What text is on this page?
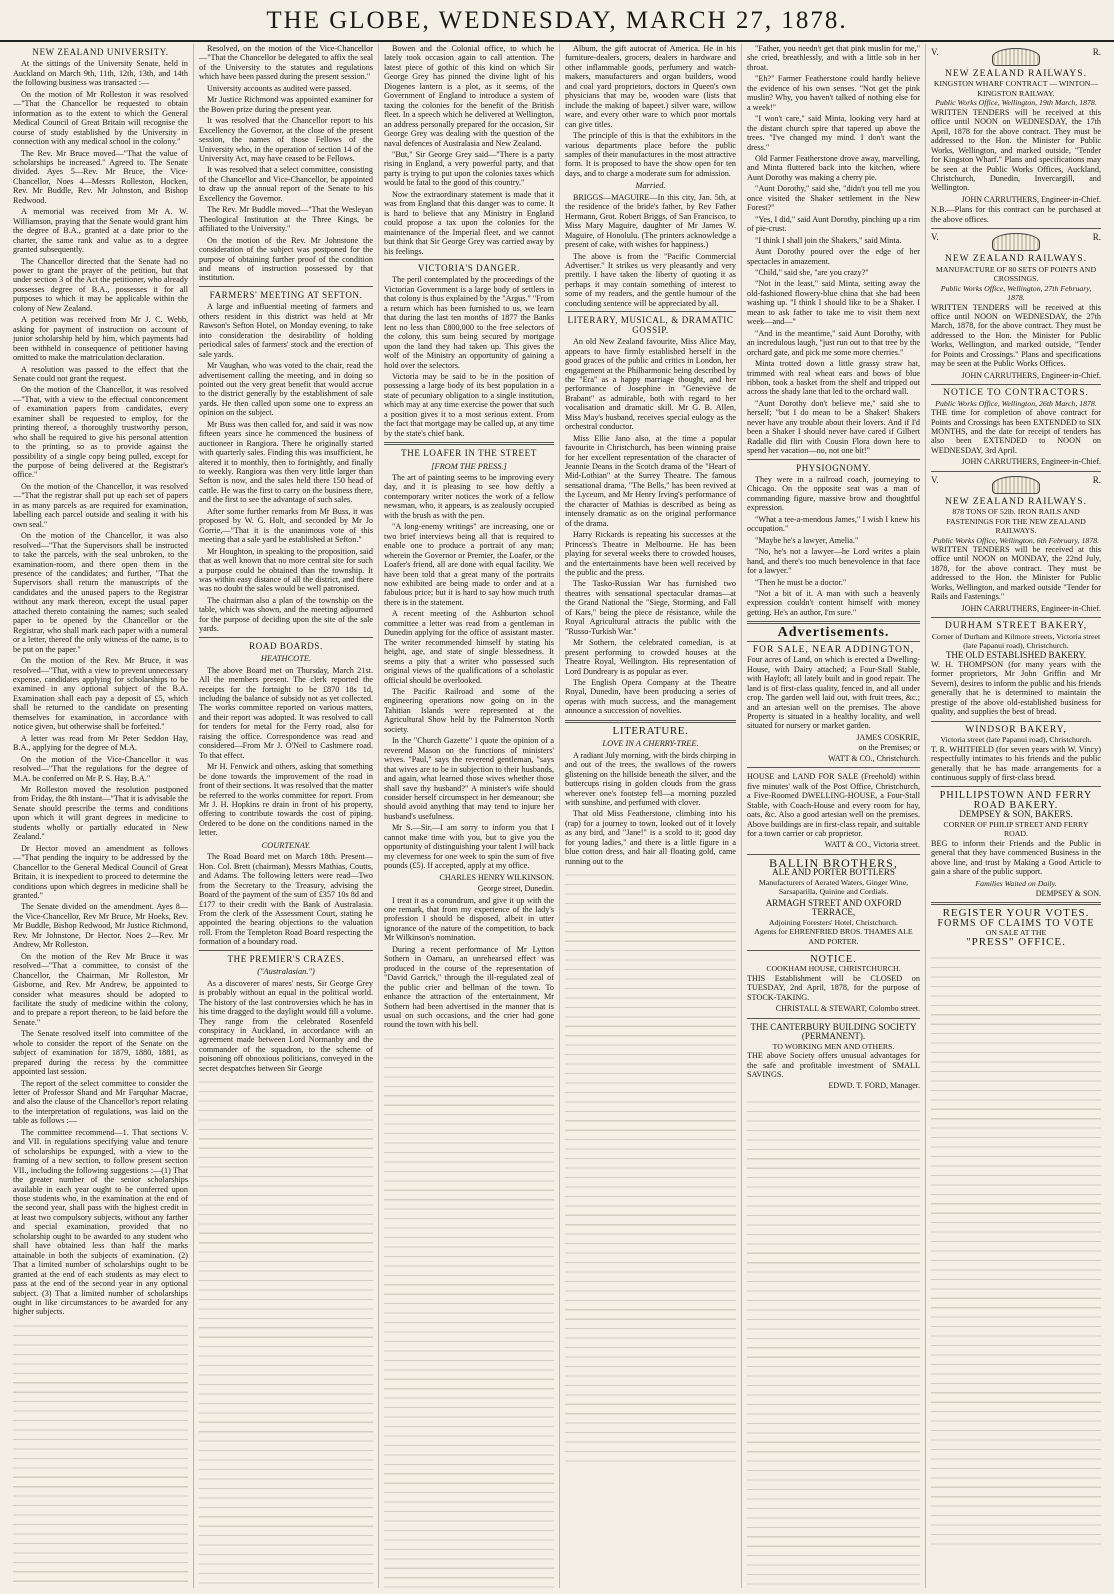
THE GLOBE, WEDNESDAY, MARCH 27, 1878.
NEW ZEALAND UNIVERSITY.

At the sittings of the University Senate, held in Auckland on March 9th, 11th, 12th, 13th, and 14th the following business was transacted :—

On the motion of Mr Rolleston it was resolved—"That the Chancellor be requested to obtain information as to the extent to which the General Medical Council of Great Britain will recognise the course of study established by the University in connection with any medical school in the colony."

The Rev. Mr Bruce moved—"That the value of scholarships be increased." Agreed to. The Senate divided. Ayes 5—Rev. Mr Bruce, the Vice-Chancellor, Noes 4—Messrs Rolleston, Hocken, Rev. Mr Buddle, Rev. Mr Johnston, and Bishop Redwood.

A memorial was received from Mr A. W. Williamson, praying that the Senate would grant him the degree of B.A., granted at a date prior to the charter, the same rank and value as to a degree granted subsequently.

The Chancellor directed that the Senate had no power to grant the prayer of the petition, but that under section 3 of the Act the petitioner, who already possesses degree of B.A., possesses it for all purposes to which it may be applicable within the colony of New Zealand.

A petition was received from Mr J. C. Webb, asking for payment of instruction on account of junior scholarship held by him, which payments had been withheld in consequence of petitioner having omitted to make the matriculation declaration.

A resolution was passed to the effect that the Senate could not grant the request.

On the motion of the Chancellor, it was resolved—"That, with a view to the effectual conconcement of examination papers from candidates, every examiner shall be requested to employ, for the printing thereof, a thoroughly trustworthy person, who shall be required to give his personal attention to the printing, so as to provide against the possibility of a single copy being pulled, except for the purpose of being delivered at the Registrar's office."

On the motion of the Chancellor, it was resolved—"That the registrar shall put up each set of papers in as many parcels as are required for examination, labelling each parcel outside and sealing it with his own seal."

On the motion of the Chancellor, it was also resolved—"That the Supervisors shall be instructed to take the parcels, with the seal unbroken, to the examination-room, and there open them in the presence of the candidates; and further, "That the Supervisors shall return the manuscripts of the candidates and the unused papers to the Registrar without any mark thereon, except the usual paper attached thereto containing the names; such sealed paper to be opened by the Chancellor or the Registrar, who shall mark each paper with a numeral or a letter, thereof the only witness of the name, is to be put on the paper."

On the motion of the Rev. Mr Bruce, it was resolved—"That, with a view to prevent unnecessary expense, candidates applying for scholarships to be examined in any optional subject of the B.A. Examination shall each pay a deposit of £5, which shall be returned to the candidate on presenting themselves for examination, in accordance with notice given, but otherwise shall be forfeited."

A letter was read from Mr Peter Seddon Hay, B.A., applying for the degree of M.A.

On the motion of the Vice-Chancellor it was resolved—"That the regulations for the degree of M.A. be conferred on Mr P. S. Hay, B.A."

Mr Rolleston moved the resolution postponed from Friday, the 8th instant—"That it is advisable the Senate should prescribe the terms and conditions upon which it will grant degrees in medicine to students wholly or partially educated in New Zealand."

Dr Hector moved an amendment as follows—"That pending the inquiry to be addressed by the Chancellor to the General Medical Council of Great Britain, it is inexpedient to proceed to determine the conditions upon which degrees in medicine shall be granted."

The Senate divided on the amendment. Ayes 8—the Vice-Chancellor, Rev Mr Bruce, Mr Hoeks, Rev. Mr Buddle, Bishop Redwood, Mr Justice Richmond, Rev. Mr Johnstone, Dr Hector. Noes 2—Rev. Mr Andrew, Mr Rolleston.

On the motion of the Rev Mr Bruce it was resolved—"That a committee, to consist of the Chancellor, the Chairman, Mr Rolleston, Mr Gisborne, and Rev. Mr Andrew, be appointed to consider what measures should be adopted to facilitate the study of medicine within the colony, and to prepare a report thereon, to be laid before the Senate."

The Senate resolved itself into committee of the whole to consider the report of the Senate on the subject of examination for 1879, 1880, 1881, as prepared during the recess by the committee appointed last session.

The report of the select committee to consider the letter of Professor Shand and Mr Farquhar Macrae, and also the clause of the Chancellor's report relating to the interpretation of regulations, was laid on the table as follows :—

The committee recommend—1. That sections V. and VII. in regulations specifying value and tenure of scholarships be expunged, with a view to the framing of a new section, to follow present section VII., including the following suggestions :—(1) That the greater number of the senior scholarships available in each year ought to be conferred upon those students who, in the examination at the end of the second year, shall pass with the highest credit in at least two compulsory subjects, without any farther and special examination, provided that no scholarship ought to be awarded to any student who shall have obtained less than half the marks attainable in both the subjects of examination. (2) That a limited number of scholarships ought to be granted at the end of each students as may elect to pass at the end of the second year in any optional subject. (3) That a limited number of scholarships ought in like circumstances to be awarded for any higher subjects.

Resolved, on the motion of the Vice-Chancellor—"That the Chancellor be delegated to affix the seal of the University to the statutes and regulations which have been passed during the present session."

University accounts as audited were passed.

Mr Justice Richmond was appointed examiner for the Bowen prize during the present year.

It was resolved that the Chancellor report to his Excellency the Governor, at the close of the present session, the names of those Fellows of the University who, in the operation of section 14 of the University Act, may have ceased to be Fellows.

It was resolved that a select committee, consisting of the Chancellor and Vice-Chancellor, be appointed to draw up the annual report of the Senate to his Excellency the Governor.

The Rev. Mr Buddle moved—"That the Wesleyan Theological Institution at the Three Kings, be affiliated to the University."

On the motion of the Rev. Mr Johnstone the consideration of the subject was postponed for the purpose of obtaining further proof of the condition and means of instruction possessed by that institution.

FARMERS' MEETING AT SEFTON.

A large and influential meeting of farmers and others resident in this district was held at Mr Rawson's Sefton Hotel, on Monday evening, to take into consideration the desirability of holding periodical sales of farmers' stock and the erection of sale yards.

Mr Vaughan, who was voted to the chair, read the advertisement calling the meeting, and in doing so pointed out the very great benefit that would accrue to the district generally by the establishment of sale yards. He then called upon some one to express an opinion on the subject.

Mr Buss was then called for, and said it was now fifteen years since he commenced the business of auctioneer in Rangiora. There he originally started with quarterly sales. Finding this was insufficient, he altered it to monthly, then to fortnightly, and finally to weekly. Rangiora was then very little larger than Sefton is now, and the sales held there 150 head of cattle. He was the first to carry on the business there, and the first to see the advantage of such sales.

After some further remarks from Mr Buss, it was proposed by W. G. Holt, and seconded by Mr Jo Gorrie,—"That it is the unanimous vote of this meeting that a sale yard be established at Sefton."

Mr Houghton, in speaking to the proposition, said that as well known that no more central site for such a purpose could be obtained than the township. It was within easy distance of all the district, and there was no doubt the sales would be well patronised.

The chairman also a plan of the township on the table, which was shown, and the meeting adjourned for the purpose of deciding upon the site of the sale yards.

ROAD BOARDS.
HEATHCOTE.

The above Board met on Thursday, March 21st. All the members present. The clerk reported the receipts for the fortnight to be £870 18s 1d, including the balance of subsidy not as yet collected. The works committee reported on various matters, and their report was adopted. It was resolved to call for tenders for metal for the Ferry road, also for raising the office. Correspondence was read and considered—From Mr J. O'Neil to Cashmere road. To that effect.

Mr H. Fenwick and others, asking that something be done towards the improvement of the road in front of their sections. It was resolved that the matter be referred to the works committee for report. From Mr J. H. Hopkins re drain in front of his property, offering to contribute towards the cost of piping. Ordered to be done on the conditions named in the letter.

COURTENAY.

The Road Board met on March 18th. Present—Hon. Col. Brett (chairman), Messrs Mathias, Coutts, and Adams. The following letters were read—Two from the Secretary to the Treasury, advising the Board of the payment of the sum of £357 10s 8d and £177 to their credit with the Bank of Australasia. From the clerk of the Assessment Court, stating he appointed the hearing objections to the valuation roll. From the Templeton Road Board respecting the formation of a boundary road.

THE PREMIER'S CRAZES.
("Australasian.")

As a discoverer of mares' nests, Sir George Grey is probably without an equal in the political world. The history of the last controversies which he has in his time dragged to the daylight would fill a volume. They range from the celebrated Rosenfeld conspiracy in Auckland, in accordance with an agreement made between Lord Normanby and the commander of the squadron, to the scheme of poisoning off obnoxious politicians, conveyed in the secret despatches between Sir George

Bowen and the Colonial office, to which he lately took occasion again to call attention. The latest piece of gothic of this kind on which Sir George Grey has pinned the divine light of his Diogenes lantern is a plot, as it seems, of the Government of England to introduce a system of taxing the colonies for the benefit of the British fleet. In a speech which he delivered at Wellington, an address personally prepared for the occasion, Sir George Grey was dealing with the question of the naval defences of Australasia and New Zealand.

"But," Sir George Grey said—"There is a party rising in England, a very powerful party, and that party is trying to put upon the colonies taxes which would be fatal to the good of this country."

Now the extraordinary statement is made that it was from England that this danger was to come. It is hard to believe that any Ministry in England could propose a tax upon the colonies for the maintenance of the Imperial fleet, and we cannot but think that Sir George Grey was carried away by his feelings.

VICTORIA'S DANGER.

The peril contemplated by the proceedings of the Victorian Government is a large body of settlers in that colony is thus explained by the "Argus." "From a return which has been furnished to us, we learn that during the last ten months of 1877 the Banks lent no less than £800,000 to the free selectors of the colony, this sum being secured by mortgage upon the land they had taken up. This gives the wolf of the Ministry an opportunity of gaining a hold over the selectors.

Victoria may be said to be in the position of possessing a large body of its best population in a state of pecuniary obligation to a single institution, which may at any time exercise the power that such a position gives it to a most serious extent. From the fact that mortgage may be called up, at any time by the state's chief bank.

THE LOAFER IN THE STREET
[FROM THE PRESS.]

The art of painting seems to be improving every day, and it is pleasing to see how deftly a contemporary writer notices the work of a fellow newsman, who, it appears, is as zealously occupied with the brush as with the pen.

"A long-enemy writings" are increasing, one or two brief interviews being all that is required to enable one to produce a portrait of any man; wherein the Governor or Premier, the Loafer, or the Loafer's friend, all are done with equal facility. We have been told that a great many of the portraits now exhibited are being made to order and at a fabulous price; but it is hard to say how much truth there is in the statement.

A recent meeting of the Ashburton school committee a letter was read from a gentleman in Dunedin applying for the office of assistant master. The writer recommended himself by stating his height, age, and state of single blessedness. It seems a pity that a writer who possessed such original views of the qualifications of a scholastic official should be overlooked.

The Pacific Railroad and some of the engineering operations now going on in the Tahitian Islands were represented at the Agricultural Show held by the Palmerston North society.

In the "Church Gazette" I quote the opinion of a reverend Mason on the functions of ministers' wives. "Paul," says the reverend gentleman, "says that wives are to be in subjection to their husbands, and again, what learned those wives whether those shall save thy husband?" A minister's wife should consider herself circumspect in her demeanour; she should avoid anything that may tend to injure her husband's usefulness.

Mr S.—Sir,—I am sorry to inform you that I cannot make time with you, but to give you the opportunity of distinguishing your talent I will back my cleverness for one week to spin the sum of five pounds (£5). If accepted, apply at my office.

CHARLES HENRY WILKINSON.

George street, Dunedin.

I treat it as a conundrum, and give it up with the one remark, that from my experience of the lady's profession I should be disposed, albeit in utter ignorance of the nature of the competition, to back Mr Wilkinson's nomination.

During a recent performance of Mr Lytton Sothern in Oamaru, an unrehearsed effect was produced in the course of the representation of "David Garrick," through the ill-regulated zeal of the public crier and bellman of the town. To enhance the attraction of the entertainment, Mr Sothern had been advertised in the manner that is usual on such occasions, and the crier had gone round the town with his bell.

Album, the gift autocrat of America. He in his furniture-dealers, grocers, dealers in hardware and other inflammable goods, perfumery and watch-makers, manufacturers and organ builders, wood and coal yard proprietors, doctors in Queen's own physicians that may be, wooden ware (lists that include the making of bapeet.) silver ware, willow ware, and every other ware to which poor mortals can give titles.

The principle of this is that the exhibitors in the various departments place before the public samples of their manufactures in the most attractive form. It is proposed to have the show open for ten days, and to charge a moderate sum for admission.

Married.

BRIGGS—MAGUIRE—In this city, Jan. 5th, at the residence of the bride's father, by Rev Father Hermann, Grot. Robert Briggs, of San Francisco, to Miss Mary Maguire, daughter of Mr James W. Maguire, of Honolulu. (The printers acknowledge a present of cake, with wishes for happiness.)

The above is from the "Pacific Commercial Advertiser." It strikes us very pleasantly and very prettily. I have taken the liberty of quoting it as perhaps it may contain something of interest to some of my readers, and the gentle humour of the concluding sentence will be appreciated by all.

LITERARY, MUSICAL, & DRAMATIC GOSSIP.

An old New Zealand favourite, Miss Alice May, appears to have firmly established herself in the good graces of the public and critics in London, her engagement at the Philharmonic being described by the "Era" as a happy marriage thought, and her performance of Josephine in "Geneviève de Brabant" as admirable, both with regard to her vocalisation and dramatic skill. Mr G. B. Allen, Miss May's husband, receives special eulogy as the orchestral conductor.

Miss Ellie Jano also, at the time a popular favourite in Christchurch, has been winning praise for her excellent representation of the character of Jeannie Deans in the Scotch drama of the "Heart of Mid-Lothian" at the Surrey Theatre. The famous sensational drama, "The Bells," has been revived at the Lyceum, and Mr Henry Irving's performance of the character of Mathias is described as being as intensely dramatic as on the original performance of the drama.

Harry Rickards is repeating his successes at the Princess's Theatre in Melbourne. He has been playing for several weeks there to crowded houses, and the entertainments have been well received by the public and the press.

The Tasko-Russian War has furnished two theatres with sensational spectacular dramas—at the Grand National the "Siege, Storming, and Fall of Kars," being the piece de résistance, while the Royal Agricultural attracts the public with the "Russo-Turkish War."

Mr Sothern, the celebrated comedian, is at present performing to crowded houses at the Theatre Royal, Wellington. His representation of Lord Dundreary is as popular as ever.

The English Opera Company at the Theatre Royal, Dunedin, have been producing a series of operas with much success, and the management announce a succession of novelties.

LITERATURE.
LOVE IN A CHERRY-TREE.

A radiant July morning, with the birds chirping in and out of the trees, the swallows of the rowers glistening on the hillside beneath the silver, and the buttercups rising in golden clouds from the grass wherever one's footstep fell—a morning puzzled with sunshine, and perfumed with clover.

That old Miss Featherstone, climbing into his (rap) for a journey to town, looked out of it lovely as any bird, and "Jane!" is a scold to it; good day for young ladies," and there is a little figure in a blue cotton dress, and hair all floating gold, came running out to the

"Father, you needn't get that pink muslin for me," she cried, breathlessly, and with a little sob in her throat.

"Eh?" Farmer Featherstone could hardly believe the evidence of his own senses. "Not get the pink muslin? Why, you haven't talked of nothing else for a week!"

"I won't care," said Minta, looking very hard at the distant church spire that tapered up above the trees. "I've changed my mind. I don't want the dress."

Old Farmer Featherstone drove away, marvelling, and Minta fluttered back into the kitchen, where Aunt Dorothy was making a cherry pie.

"Aunt Dorothy," said she, "didn't you tell me you once visited the Shaker settlement in the New Forest?"

"Yes, I did," said Aunt Dorothy, pinching up a rim of pie-crust.

"I think I shall join the Shakers," said Minta.

Aunt Dorothy poured over the edge of her spectacles in amazement.

"Child," said she, "are you crazy?"

"Not in the least," said Minta, setting away the old-fashioned flowery-blue china that she had been washing up. "I think I should like to be a Shaker. I mean to ask father to take me to visit them next week—and—"

"And in the meantime," said Aunt Dorothy, with an incredulous laugh, "just run out to that tree by the orchard gate, and pick me some more cherries."

Minta trotted down a little grassy straw hat, trimmed with real wheat ears and bows of blue ribbon, took a basket from the shelf and tripped out across the shady lane that led to the orchard wall.

"Aunt Dorothy don't believe me," said she to herself; "but I do mean to be a Shaker! Shakers never have any trouble about their lovers. And if I'd been a Shaker I should never have cared if Gilbert Radalle did flirt with Cousin Flora down here to spend her vacation—no, not one bit!"

PHYSIOGNOMY.

They were in a railroad coach, journeying to Chicago. On the opposite seat was a man of commanding figure, massive brow and thoughtful expression.

"What a tee-a-mendous James," I wish I knew his occupation."

"Maybe he's a lawyer, Amelia."

"No, he's not a lawyer—he Lord writes a plain hand, and there's too much benevolence in that face for a lawyer."

"Then he must be a doctor."

"Not a bit of it. A man with such a heavenly expression couldn't content himself with money getting. He's an author, I'm sure."

Advertisements.
FOR SALE, NEAR ADDINGTON,

Four acres of Land, on which is erected a Dwelling-House, with Dairy attached; a Four-Stall Stable, with Hayloft; all lately built and in good repair. The land is of first-class quality, fenced in, and all under crop. The garden well laid out, with fruit trees, &c.; and an artesian well on the premises. The above Property is situated in a healthy locality, and well situated for nursery or market garden.

JAMES COSKRIE,
on the Premises; or
WATT & CO., Christchurch.

HOUSE and LAND FOR SALE (Freehold) within five minutes' walk of the Post Office, Christchurch, a Five-Roomed DWELLING-HOUSE, a Four-Stall Stable, with Coach-House and every room for hay, oats, &c. Also a good artesian well on the premises. Above buildings are in first-class repair, and suitable for a town carrier or cab proprietor.

WATT & CO., Victoria street.
BALLIN BROTHERS,
ALE AND PORTER BOTTLERS
Manufacturers of Aerated Waters, Ginger Wine, Sarsaparilla, Quinine and Cordials.
ARMAGH STREET AND OXFORD TERRACE,
Adjoining Foresters' Hotel, Christchurch.
Agents for EHRENFRIED BROS. THAMES ALE AND PORTER.
NOTICE.
COOKHAM HOUSE, CHRISTCHURCH.

THIS Establishment will be CLOSED on TUESDAY, 2nd April, 1878, for the purpose of STOCK-TAKING.

CHRISTALL & STEWART, Colombo street.
THE CANTERBURY BUILDING SOCIETY (PERMANENT).
TO WORKING MEN AND OTHERS.

THE above Society offers unusual advantages for the safe and profitable investment of SMALL SAVINGS.

EDWD. T. FORD, Manager.
V.	R.
NEW ZEALAND RAILWAYS.
KINGSTON WHARF CONTRACT — WINTON—KINGSTON RAILWAY.
Public Works Office, Wellington, 19th March, 1878.

WRITTEN TENDERS will be received at this office until NOON on WEDNESDAY, the 17th April, 1878 for the above contract. They must be addressed to the Hon. the Minister for Public Works, Wellington, and marked outside, "Tender for Kingston Wharf." Plans and specifications may be seen at the Public Works Offices, Auckland, Christchurch, Dunedin, Invercargill, and Wellington.

JOHN CARRUTHERS, Engineer-in-Chief.

N.B.—Plans for this contract can be purchased at the above offices.

V.	R.
NEW ZEALAND RAILWAYS.
MANUFACTURE OF 80 SETS OF POINTS AND CROSSINGS.
Public Works Office, Wellington, 27th February, 1878.

WRITTEN TENDERS will be received at this office until NOON on WEDNESDAY, the 27th March, 1878, for the above contract. They must be addressed to the Hon. the Minister for Public Works, Wellington, and marked outside, "Tender for Points and Crossings." Plans and specifications may be seen at the Public Works Offices.

JOHN CARRUTHERS, Engineer-in-Chief.
NOTICE TO CONTRACTORS.
Public Works Office, Wellington, 26th March, 1878.

THE time for completion of above contract for Points and Crossings has been EXTENDED to SIX MONTHS, and the date for receipt of tenders has also been EXTENDED to NOON on WEDNESDAY, 3rd April.

JOHN CARRUTHERS, Engineer-in-Chief.
V.	R.
NEW ZEALAND RAILWAYS.
878 TONS OF 52lb. IRON RAILS AND FASTENINGS FOR THE NEW ZEALAND RAILWAYS.
Public Works Office, Wellington, 6th February, 1878.

WRITTEN TENDERS will be received at this office until NOON on MONDAY, the 22nd July, 1878, for the above contract. They must be addressed to the Hon. the Minister for Public Works, Wellington, and marked outside "Tender for Rails and Fastenings."

JOHN CARRUTHERS, Engineer-in-Chief.
DURHAM STREET BAKERY,
Corner of Durham and Kilmore streets, Victoria street (late Papanui road), Christchurch.
THE OLD ESTABLISHED BAKERY.

W. H. THOMPSON (for many years with the former proprietors, Mr John Griffin and Mr Severn), desires to inform the public and his friends generally that he is determined to maintain the prestige of the above old-established business for quality, and supplies the best of bread.

WINDSOR BAKERY,
Victoria street (late Papanui road), Christchurch.

T. R. WHITFIELD (for seven years with W. Vincy) respectfully intimates to his friends and the public generally that he has made arrangements for a continuous supply of first-class bread.

PHILLIPSTOWN AND FERRY ROAD BAKERY.
DEMPSEY & SON, BAKERS.
CORNER OF PHILIP STREET AND FERRY ROAD.

BEG to inform their Friends and the Public in general that they have commenced Business in the above line, and trust by Making a Good Article to gain a share of the public support.

Families Waited on Daily.
DEMPSEY & SON.
REGISTER YOUR VOTES.
FORMS OF CLAIMS TO VOTE
ON SALE AT THE
"PRESS" OFFICE.
